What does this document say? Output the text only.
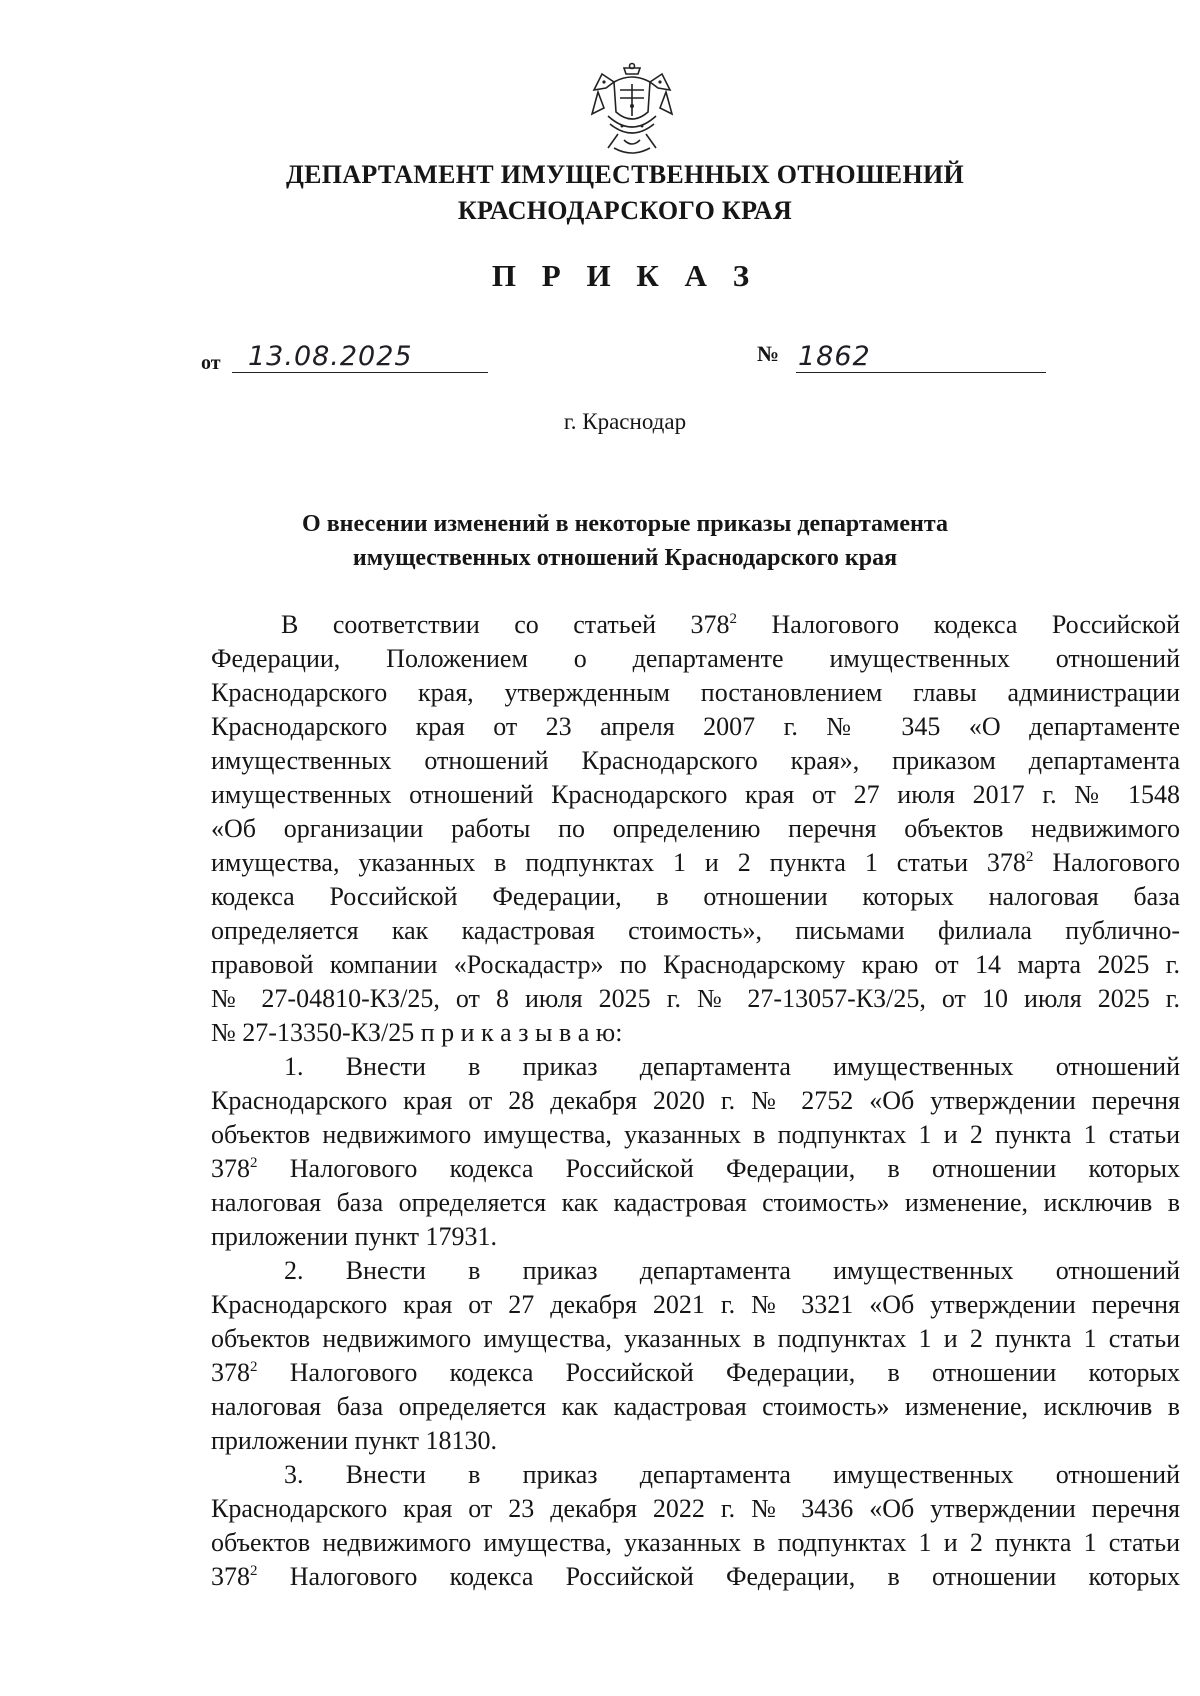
ДЕПАРТАМЕНТ ИМУЩЕСТВЕННЫХ ОТНОШЕНИЙ
КРАСНОДАРСКОГО КРАЯ
П Р И К А З
от 13.08.2025	№ 1862
г. Краснодар
О внесении изменений в некоторые приказы департамента
имущественных отношений Краснодарского края
В соответствии со статьей $378^2$ Налогового кодекса Российской
Федерации, Положением о департаменте имущественных отношений
Краснодарского края, утвержденным постановлением главы администрации
Краснодарского края от 23 апреля 2007 г. № 345 «О департаменте
имущественных отношений Краснодарского края», приказом департамента
имущественных отношений Краснодарского края от 27 июля 2017 г. № 1548
«Об организации работы по определению перечня объектов недвижимого
имущества, указанных в подпунктах 1 и 2 пункта 1 статьи $378^2$ Налогового
кодекса Российской Федерации, в отношении которых налоговая база
определяется как кадастровая стоимость», письмами филиала публично-
правовой компании «Роскадастр» по Краснодарскому краю от 14 марта 2025 г.
№ 27-04810-КЗ/25, от 8 июля 2025 г. № 27-13057-КЗ/25, от 10 июля 2025 г.
№ 27-13350-КЗ/25 п р и к а з ы в а ю:
1. Внести в приказ департамента имущественных отношений
Краснодарского края от 28 декабря 2020 г. № 2752 «Об утверждении перечня
объектов недвижимого имущества, указанных в подпунктах 1 и 2 пункта 1 статьи
$378^2$ Налогового кодекса Российской Федерации, в отношении которых
налоговая база определяется как кадастровая стоимость» изменение, исключив в
приложении пункт 17931.
2. Внести в приказ департамента имущественных отношений
Краснодарского края от 27 декабря 2021 г. № 3321 «Об утверждении перечня
объектов недвижимого имущества, указанных в подпунктах 1 и 2 пункта 1 статьи
$378^2$ Налогового кодекса Российской Федерации, в отношении которых
налоговая база определяется как кадастровая стоимость» изменение, исключив в
приложении пункт 18130.
3. Внести в приказ департамента имущественных отношений
Краснодарского края от 23 декабря 2022 г. № 3436 «Об утверждении перечня
объектов недвижимого имущества, указанных в подпунктах 1 и 2 пункта 1 статьи
$378^2$ Налогового кодекса Российской Федерации, в отношении которых
